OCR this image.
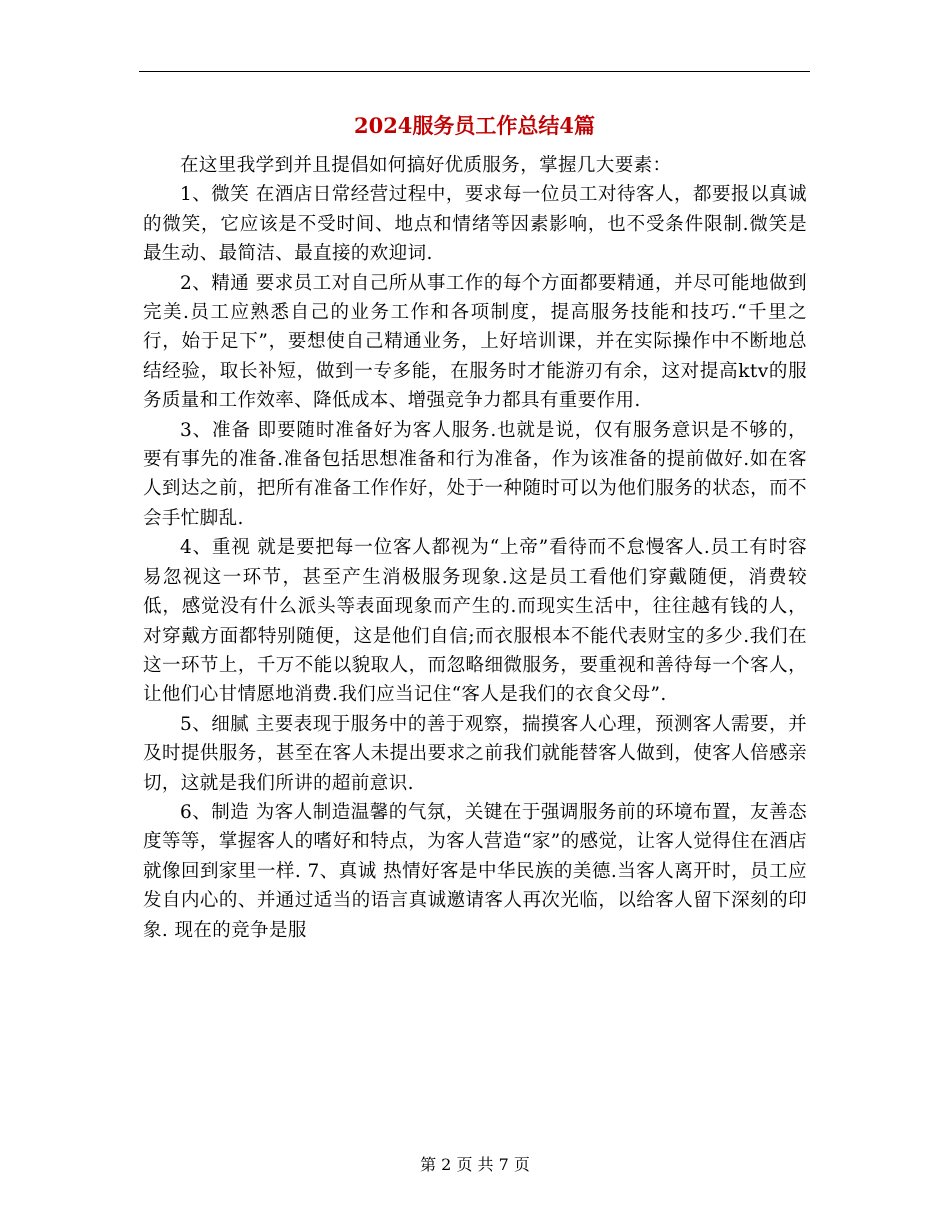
2024服务员工作总结4篇

在这里我学到并且提倡如何搞好优质服务，掌握几大要素：

1、微笑 在酒店日常经营过程中，要求每一位员工对待客人，都要报以真诚的微笑，它应该是不受时间、地点和情绪等因素影响，也不受条件限制.微笑是最生动、最简洁、最直接的欢迎词.

2、精通 要求员工对自己所从事工作的每个方面都要精通，并尽可能地做到完美.员工应熟悉自己的业务工作和各项制度，提高服务技能和技巧.“千里之行，始于足下”，要想使自己精通业务，上好培训课，并在实际操作中不断地总结经验，取长补短，做到一专多能，在服务时才能游刃有余，这对提高ktv的服务质量和工作效率、降低成本、增强竞争力都具有重要作用.

3、准备 即要随时准备好为客人服务.也就是说，仅有服务意识是不够的，要有事先的准备.准备包括思想准备和行为准备，作为该准备的提前做好.如在客人到达之前，把所有准备工作作好，处于一种随时可以为他们服务的状态，而不会手忙脚乱.

4、重视 就是要把每一位客人都视为“上帝”看待而不怠慢客人.员工有时容易忽视这一环节，甚至产生消极服务现象.这是员工看他们穿戴随便，消费较低，感觉没有什么派头等表面现象而产生的.而现实生活中，往往越有钱的人，对穿戴方面都特别随便，这是他们自信;而衣服根本不能代表财宝的多少.我们在这一环节上，千万不能以貌取人，而忽略细微服务，要重视和善待每一个客人，让他们心甘情愿地消费.我们应当记住“客人是我们的衣食父母”.

5、细腻 主要表现于服务中的善于观察，揣摸客人心理，预测客人需要，并及时提供服务，甚至在客人未提出要求之前我们就能替客人做到，使客人倍感亲切，这就是我们所讲的超前意识.

6、制造 为客人制造温馨的气氛，关键在于强调服务前的环境布置，友善态度等等，掌握客人的嗜好和特点，为客人营造“家”的感觉，让客人觉得住在酒店就像回到家里一样. 7、真诚 热情好客是中华民族的美德.当客人离开时，员工应发自内心的、并通过适当的语言真诚邀请客人再次光临，以给客人留下深刻的印象. 现在的竞争是服

第 2 页 共 7 页
